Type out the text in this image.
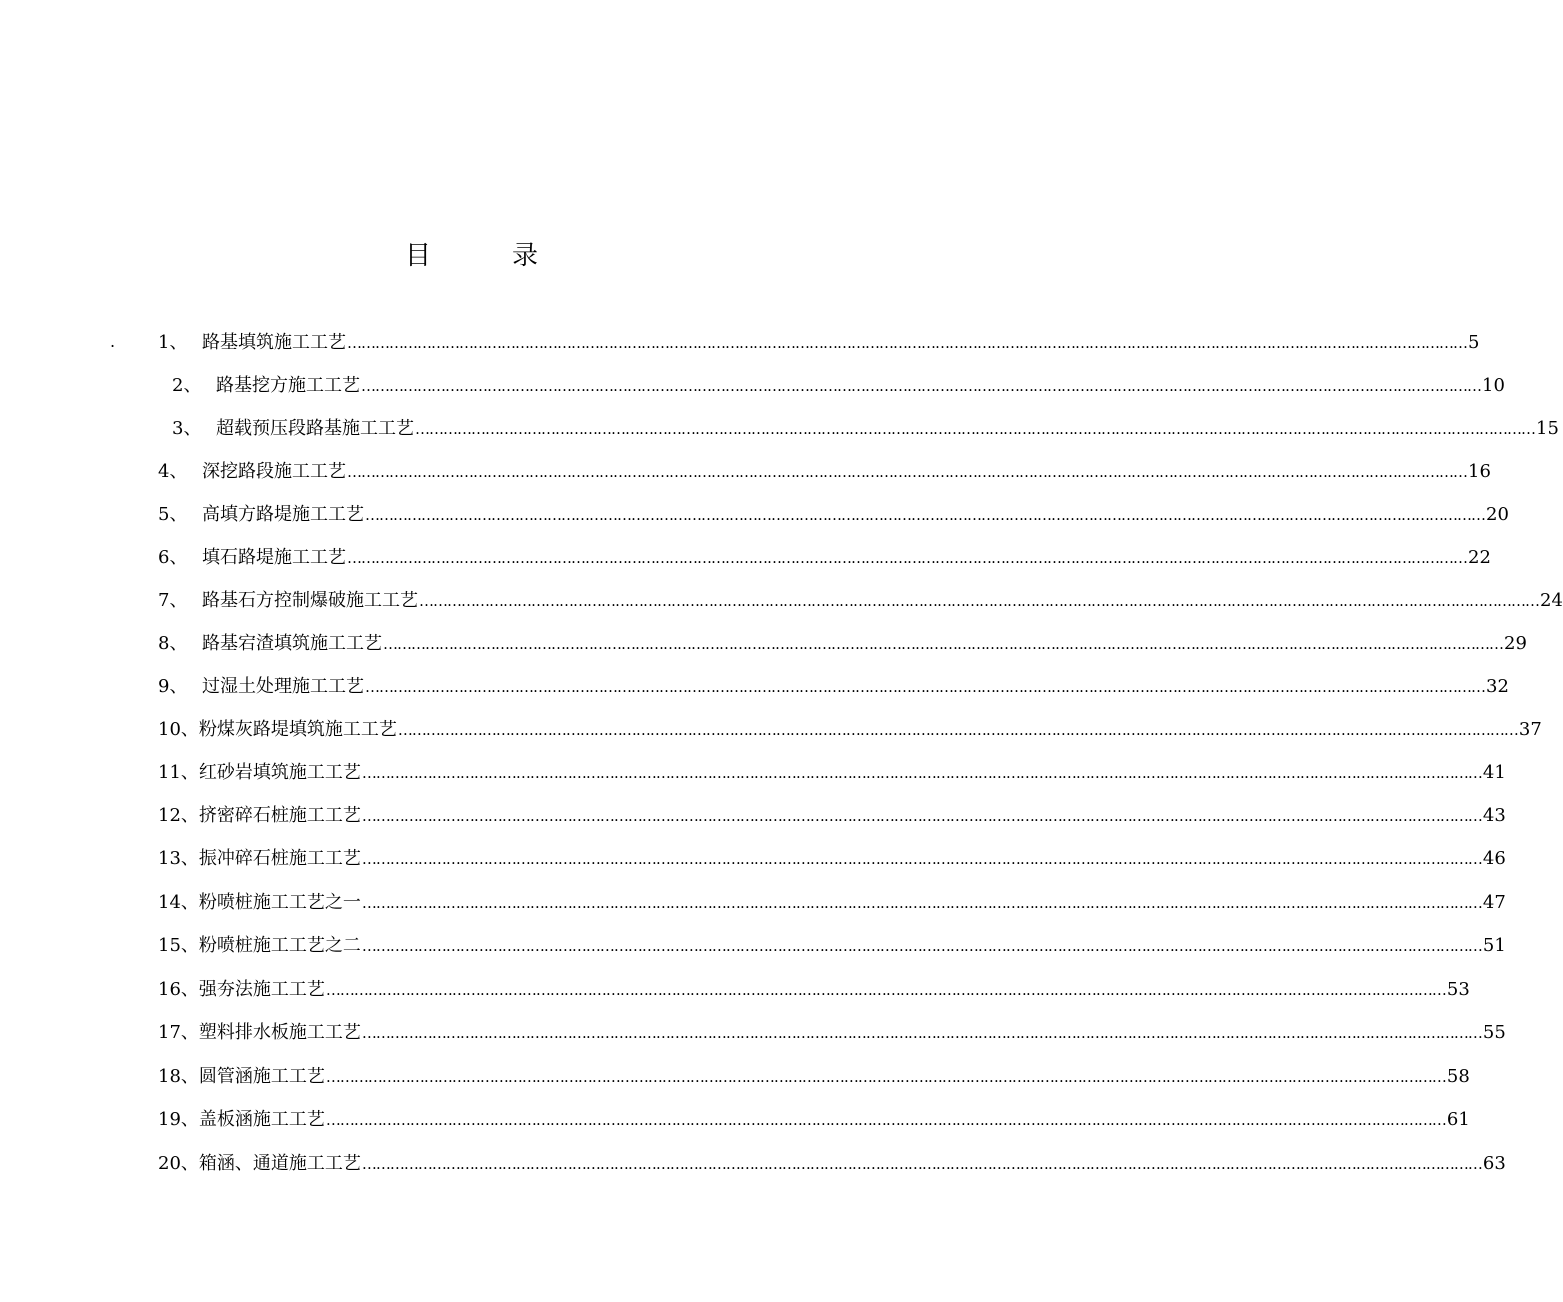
目	录
. 1、 路基填筑施工工艺 …………………………………………………………………………………………………………………………………………………………………………………………………………………… 5
2、 路基挖方施工工艺 …………………………………………………………………………………………………………………………………………………………………………………………………………………… 10
3、 超载预压段路基施工工艺 …………………………………………………………………………………………………………………………………………………………………………………………………………………… 15
4、 深挖路段施工工艺 …………………………………………………………………………………………………………………………………………………………………………………………………………………… 16
5、 高填方路堤施工工艺 …………………………………………………………………………………………………………………………………………………………………………………………………………………… 20
6、 填石路堤施工工艺 …………………………………………………………………………………………………………………………………………………………………………………………………………………… 22
7、 路基石方控制爆破施工工艺 …………………………………………………………………………………………………………………………………………………………………………………………………………………… 24
8、 路基宕渣填筑施工工艺 …………………………………………………………………………………………………………………………………………………………………………………………………………………… 29
9、 过湿土处理施工工艺 …………………………………………………………………………………………………………………………………………………………………………………………………………………… 32
10、 粉煤灰路堤填筑施工工艺 …………………………………………………………………………………………………………………………………………………………………………………………………………………… 37
11、 红砂岩填筑施工工艺 …………………………………………………………………………………………………………………………………………………………………………………………………………………… 41
12、 挤密碎石桩施工工艺 …………………………………………………………………………………………………………………………………………………………………………………………………………………… 43
13、 振冲碎石桩施工工艺 …………………………………………………………………………………………………………………………………………………………………………………………………………………… 46
14、 粉喷桩施工工艺之一 …………………………………………………………………………………………………………………………………………………………………………………………………………………… 47
15、 粉喷桩施工工艺之二 …………………………………………………………………………………………………………………………………………………………………………………………………………………… 51
16、 强夯法施工工艺 …………………………………………………………………………………………………………………………………………………………………………………………………………………… 53
17、 塑料排水板施工工艺 …………………………………………………………………………………………………………………………………………………………………………………………………………………… 55
18、 圆管涵施工工艺 …………………………………………………………………………………………………………………………………………………………………………………………………………………… 58
19、 盖板涵施工工艺 …………………………………………………………………………………………………………………………………………………………………………………………………………………… 61
20、 箱涵、通道施工工艺 …………………………………………………………………………………………………………………………………………………………………………………………………………………… 63
